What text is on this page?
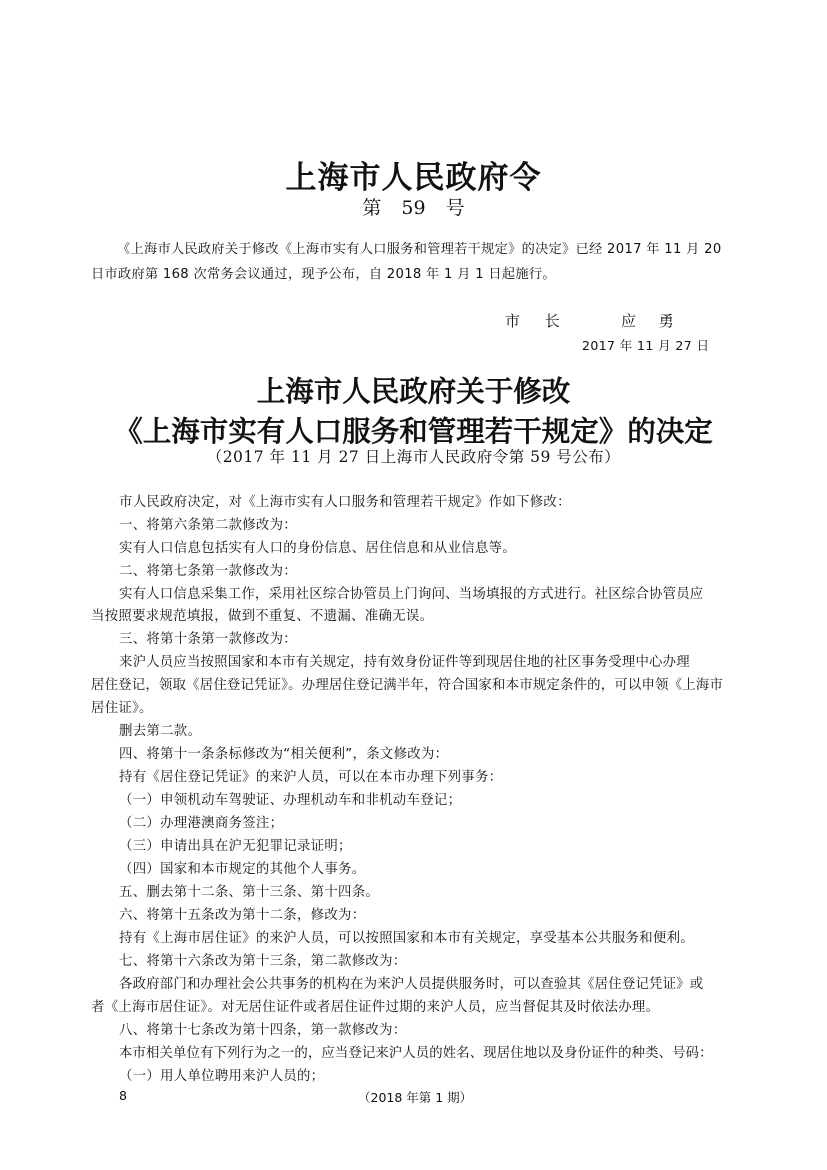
上海市人民政府令
第 59 号
《上海市人民政府关于修改《上海市实有人口服务和管理若干规定》的决定》已经 2017 年 11 月 20
日市政府第 168 次常务会议通过，现予公布，自 2018 年 1 月 1 日起施行。
市 长	应 勇
2017 年 11 月 27 日
上海市人民政府关于修改
《上海市实有人口服务和管理若干规定》的决定
（2017 年 11 月 27 日上海市人民政府令第 59 号公布）
市人民政府决定，对《上海市实有人口服务和管理若干规定》作如下修改：
一、将第六条第二款修改为：
实有人口信息包括实有人口的身份信息、居住信息和从业信息等。
二、将第七条第一款修改为：
实有人口信息采集工作，采用社区综合协管员上门询问、当场填报的方式进行。社区综合协管员应
当按照要求规范填报，做到不重复、不遗漏、准确无误。
三、将第十条第一款修改为：
来沪人员应当按照国家和本市有关规定，持有效身份证件等到现居住地的社区事务受理中心办理
居住登记，领取《居住登记凭证》。办理居住登记满半年，符合国家和本市规定条件的，可以申领《上海市
居住证》。
删去第二款。
四、将第十一条条标修改为“相关便利”，条文修改为：
持有《居住登记凭证》的来沪人员，可以在本市办理下列事务：
（一）申领机动车驾驶证、办理机动车和非机动车登记；
（二）办理港澳商务签注；
（三）申请出具在沪无犯罪记录证明；
（四）国家和本市规定的其他个人事务。
五、删去第十二条、第十三条、第十四条。
六、将第十五条改为第十二条，修改为：
持有《上海市居住证》的来沪人员，可以按照国家和本市有关规定，享受基本公共服务和便利。
七、将第十六条改为第十三条，第二款修改为：
各政府部门和办理社会公共事务的机构在为来沪人员提供服务时，可以查验其《居住登记凭证》或
者《上海市居住证》。对无居住证件或者居住证件过期的来沪人员，应当督促其及时依法办理。
八、将第十七条改为第十四条，第一款修改为：
本市相关单位有下列行为之一的，应当登记来沪人员的姓名、现居住地以及身份证件的种类、号码：
（一）用人单位聘用来沪人员的；
8	（2018 年第 1 期）
